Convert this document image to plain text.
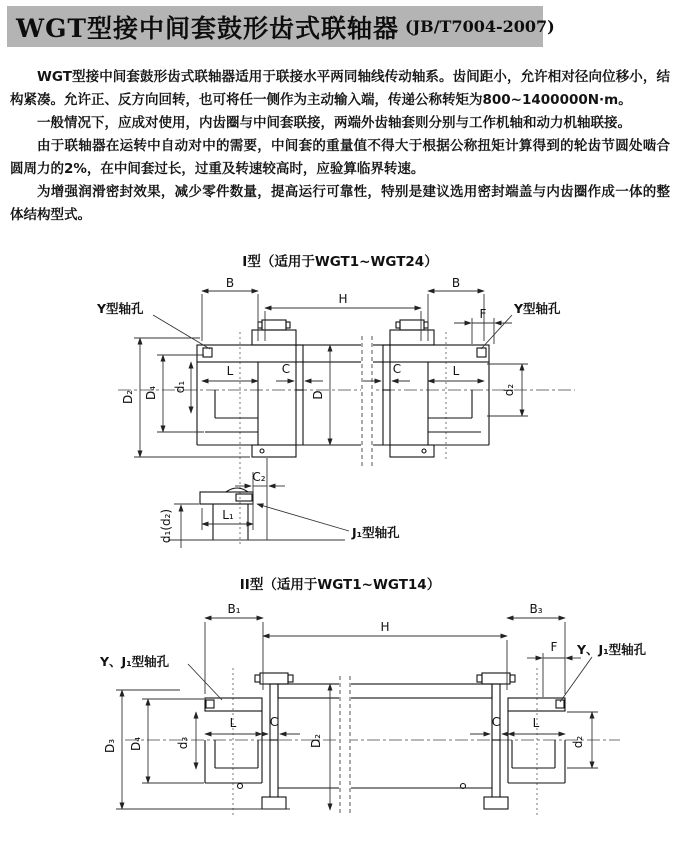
WGT型接中间套鼓形齿式联轴器 (JB/T7004-2007)

WGT型接中间套鼓形齿式联轴器适用于联接水平两同轴线传动轴系。齿间距小，允许相对径向位移小，结构紧凑。允许正、反方向回转，也可将任一侧作为主动输入端，传递公称转矩为800~1400000N·m。

一般情况下，应成对使用，内齿圈与中间套联接，两端外齿轴套则分别与工作机轴和动力机轴联接。

由于联轴器在运转中自动对中的需要，中间套的重量值不得大于根据公称扭矩计算得到的轮齿节圆处啮合圆周力的2%，在中间套过长，过重及转速较高时，应验算临界转速。

为增强润滑密封效果，减少零件数量，提高运行可靠性，特别是建议选用密封端盖与内齿圈作成一体的整体结构型式。

I型（适用于WGT1~WGT24）
B	B
H
F
Y型轴孔	Y型轴孔
D₂ D₄ d₁
L	C
D
C	L
d₂
C₂
L₁
d₁(d₂)	J₁型轴孔
II型（适用于WGT1~WGT14）
B₁
H
B₃
F
Y、J₁型轴孔
Y、J₁型轴孔
D₃ D₄	d₃
L	C
D₂
C	L
d₂
